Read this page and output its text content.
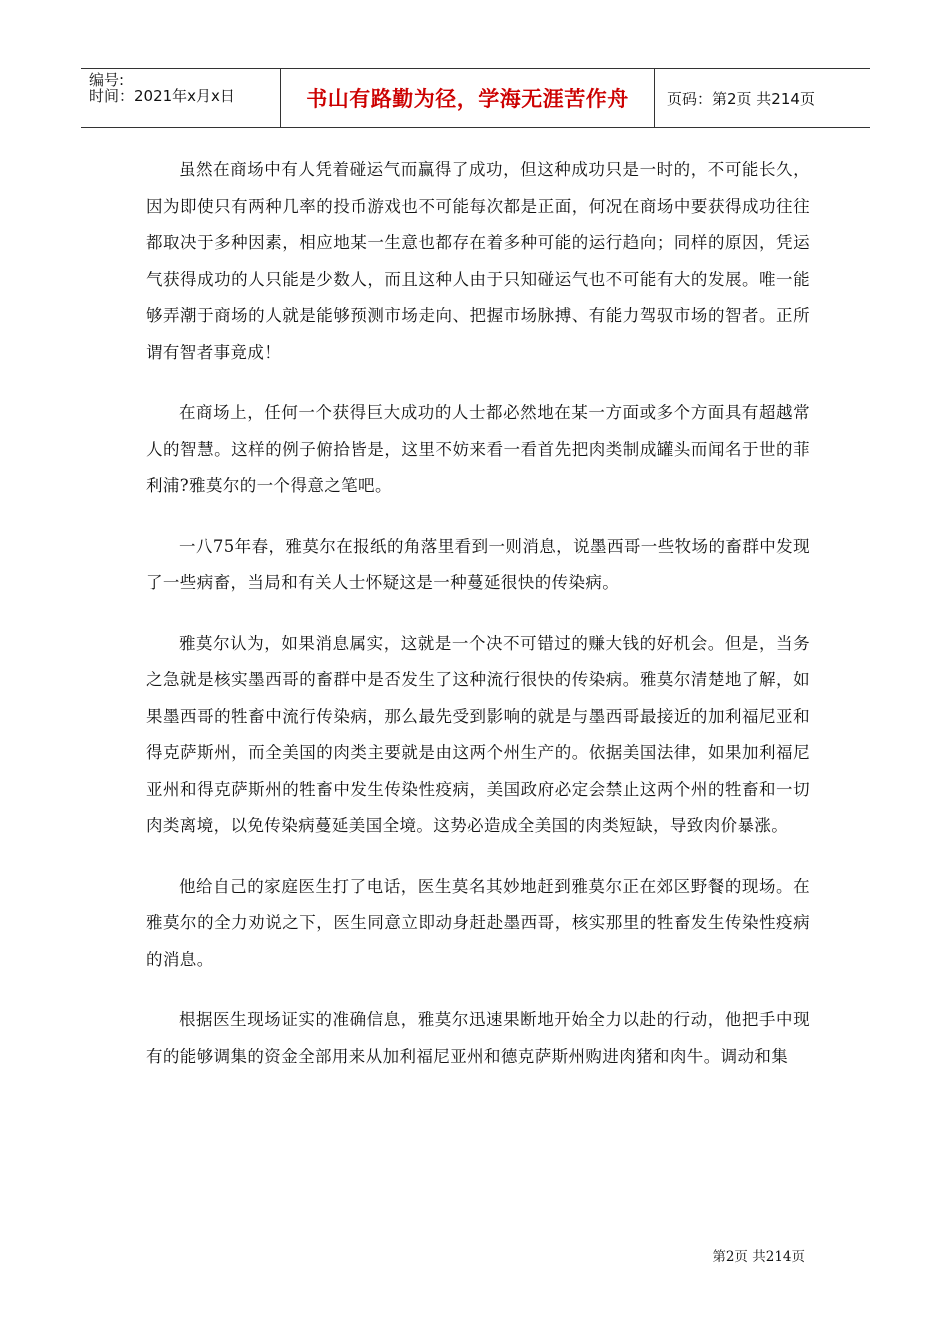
编号:
时间：2021年x月x日	书山有路勤为径，学海无涯苦作舟	页码：第2页 共214页

虽然在商场中有人凭着碰运气而赢得了成功，但这种成功只是一时的，不可能长久，因为即使只有两种几率的投币游戏也不可能每次都是正面，何况在商场中要获得成功往往都取决于多种因素，相应地某一生意也都存在着多种可能的运行趋向；同样的原因，凭运气获得成功的人只能是少数人，而且这种人由于只知碰运气也不可能有大的发展。唯一能够弄潮于商场的人就是能够预测市场走向、把握市场脉搏、有能力驾驭市场的智者。正所谓有智者事竟成！

在商场上，任何一个获得巨大成功的人士都必然地在某一方面或多个方面具有超越常人的智慧。这样的例子俯拾皆是，这里不妨来看一看首先把肉类制成罐头而闻名于世的菲利浦?雅莫尔的一个得意之笔吧。

一八75年春，雅莫尔在报纸的角落里看到一则消息，说墨西哥一些牧场的畜群中发现了一些病畜，当局和有关人士怀疑这是一种蔓延很快的传染病。

雅莫尔认为，如果消息属实，这就是一个决不可错过的赚大钱的好机会。但是，当务之急就是核实墨西哥的畜群中是否发生了这种流行很快的传染病。雅莫尔清楚地了解，如果墨西哥的牲畜中流行传染病，那么最先受到影响的就是与墨西哥最接近的加利福尼亚和得克萨斯州，而全美国的肉类主要就是由这两个州生产的。依据美国法律，如果加利福尼亚州和得克萨斯州的牲畜中发生传染性疫病，美国政府必定会禁止这两个州的牲畜和一切肉类离境，以免传染病蔓延美国全境。这势必造成全美国的肉类短缺，导致肉价暴涨。

他给自己的家庭医生打了电话，医生莫名其妙地赶到雅莫尔正在郊区野餐的现场。在雅莫尔的全力劝说之下，医生同意立即动身赶赴墨西哥，核实那里的牲畜发生传染性疫病的消息。

根据医生现场证实的准确信息，雅莫尔迅速果断地开始全力以赴的行动，他把手中现有的能够调集的资金全部用来从加利福尼亚州和德克萨斯州购进肉猪和肉牛。调动和集

第2页 共214页
